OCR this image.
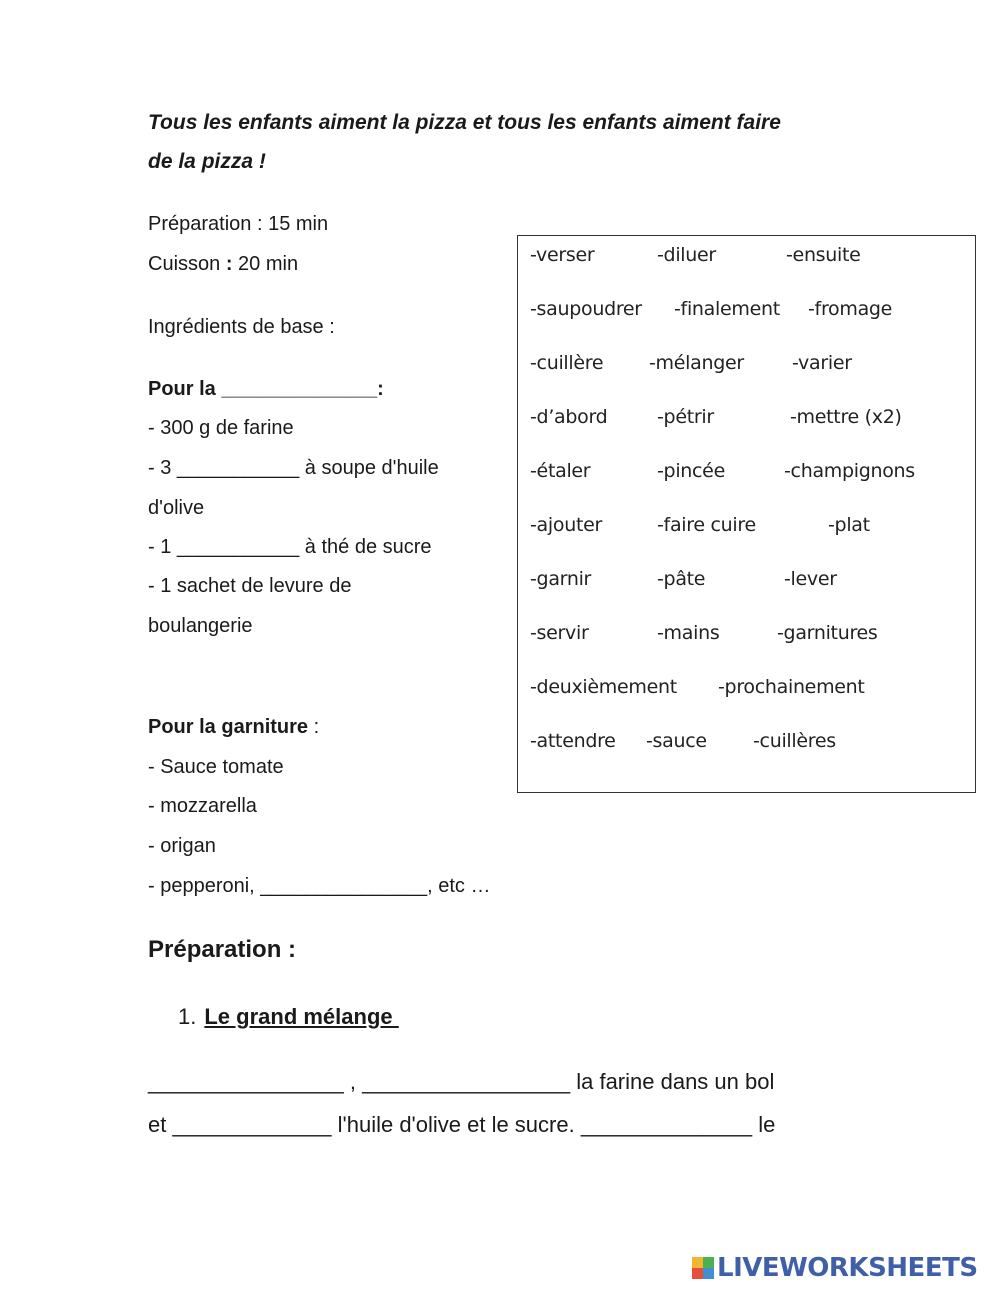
Tous les enfants aiment la pizza et tous les enfants aiment faire
de la pizza !
Préparation : 15 min
Cuisson : 20 min
Ingrédients de base :
Pour la ______________:
- 300 g de farine
- 3 ___________ à soupe d'huile
d'olive
- 1 ___________ à thé de sucre
- 1 sachet de levure de
boulangerie
Pour la garniture :
- Sauce tomate
- mozzarella
- origan
- pepperoni, _______________, etc …
-verser	-diluer	-ensuite
-saupoudrer -finalement -fromage
-cuillère -mélanger	-varier
-d’abord	-pétrir	-mettre (x2)
-étaler	-pincée	-champignons
-ajouter	-faire cuire	-plat
-garnir	-pâte	-lever
-servir	-mains	-garnitures
-deuxièmement -prochainement
-attendre -sauce -cuillères
Préparation :
1. Le grand mélange
________________ , _________________ la farine dans un bol
et _____________ l'huile d'olive et le sucre. ______________ le
LIVEWORKSHEETS
